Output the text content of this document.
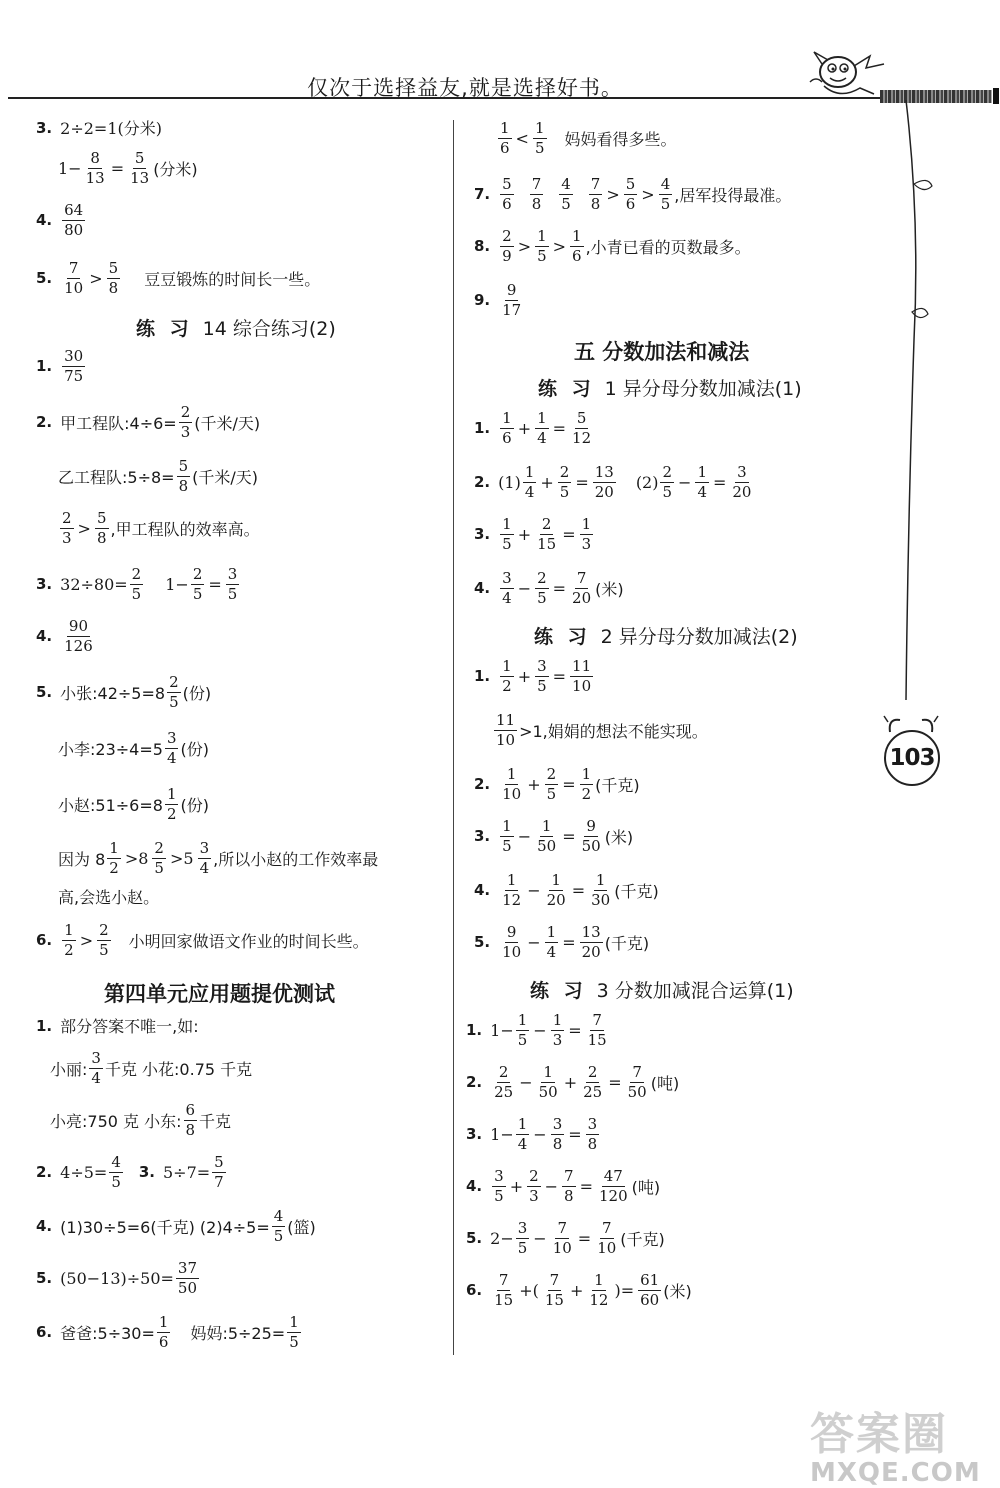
仅次于选择益友,就是选择好书。
103
答案圈
MXQE.COM
3. 2÷2=1(分米)
$1- \frac{8}{13} = \frac{5}{13}$ (分米)
4. $\frac{64}{80}$
5. $\frac{7}{10} > \frac{5}{8}$ 豆豆锻炼的时间长一些。
练 习 14 综合练习(2)
1. $\frac{30}{75}$
2. 甲工程队:4÷6= $\frac{2}{3}$ (千米/天)
乙工程队:5÷8= $\frac{5}{8}$ (千米/天)
$\frac{2}{3} > \frac{5}{8}$ ,甲工程队的效率高。
3. $32\div 80= \frac{2}{5} 1- \frac{2}{5} = \frac{3}{5}$
4. $\frac{90}{126}$
5. 小张:42÷5=8 $\frac{2}{5}$ (份)
小李:23÷4=5 $\frac{3}{4}$ (份)
小赵:51÷6=8 $\frac{1}{2}$ (份)
因为 $8 \frac{1}{2} >8 \frac{2}{5} >5 \frac{3}{4}$ ,所以小赵的工作效率最
高,会选小赵。
6. $\frac{1}{2} > \frac{2}{5}$ 小明回家做语文作业的时间长些。
第四单元应用题提优测试
1. 部分答案不唯一,如:
小丽: $\frac{3}{4}$ 千克 小花:0.75 千克
小亮:750 克 小东: $\frac{6}{8}$ 千克
2. $4\div 5= \frac{4}{5} 3$. $5\div 7= \frac{5}{7}$
4. (1)30÷5=6(千克) $(2)4\div 5= \frac{4}{5}$ (篮)
5. $(50-13)\div 50= \frac{37}{50}$
6. 爸爸:5÷30= $\frac{1}{6}$ 妈妈:5÷25= $\frac{1}{5}$
$\frac{1}{6} < \frac{1}{5}$ 妈妈看得多些。
7. $\frac{5}{6} \frac{7}{8} \frac{4}{5} \frac{7}{8} > \frac{5}{6} > \frac{4}{5}$ ,居军投得最准。
8. $\frac{2}{9} > \frac{1}{5} > \frac{1}{6}$ ,小青已看的页数最多。
9. $\frac{9}{17}$
五 分数加法和减法
练 习 1 异分母分数加减法(1)
1. $\frac{1}{6} + \frac{1}{4} = \frac{5}{12}$
2. $(1) \frac{1}{4} + \frac{2}{5} = \frac{13}{20} (2) \frac{2}{5} - \frac{1}{4} = \frac{3}{20}$
3. $\frac{1}{5} + \frac{2}{15} = \frac{1}{3}$
4. $\frac{3}{4} - \frac{2}{5} = \frac{7}{20}$ (米)
练 习 2 异分母分数加减法(2)
1. $\frac{1}{2} + \frac{3}{5} = \frac{11}{10}$
$\frac{11}{10} >1$,娟娟的想法不能实现。
2. $\frac{1}{10} + \frac{2}{5} = \frac{1}{2}$ (千克)
3. $\frac{1}{5} - \frac{1}{50} = \frac{9}{50}$ (米)
4. $\frac{1}{12} - \frac{1}{20} = \frac{1}{30}$ (千克)
5. $\frac{9}{10} - \frac{1}{4} = \frac{13}{20}$ (千克)
练 习 3 分数加减混合运算(1)
1. $1- \frac{1}{5} - \frac{1}{3} = \frac{7}{15}$
2. $\frac{2}{25} - \frac{1}{50} + \frac{2}{25} = \frac{7}{50}$ (吨)
3. $1- \frac{1}{4} - \frac{3}{8} = \frac{3}{8}$
4. $\frac{3}{5} + \frac{2}{3} - \frac{7}{8} = \frac{47}{120}$ (吨)
5. $2- \frac{3}{5} - \frac{7}{10} = \frac{7}{10}$ (千克)
6. $\frac{7}{15}$ +( $\frac{7}{15} + \frac{1}{12}$ )= $\frac{61}{60}$ (米)
